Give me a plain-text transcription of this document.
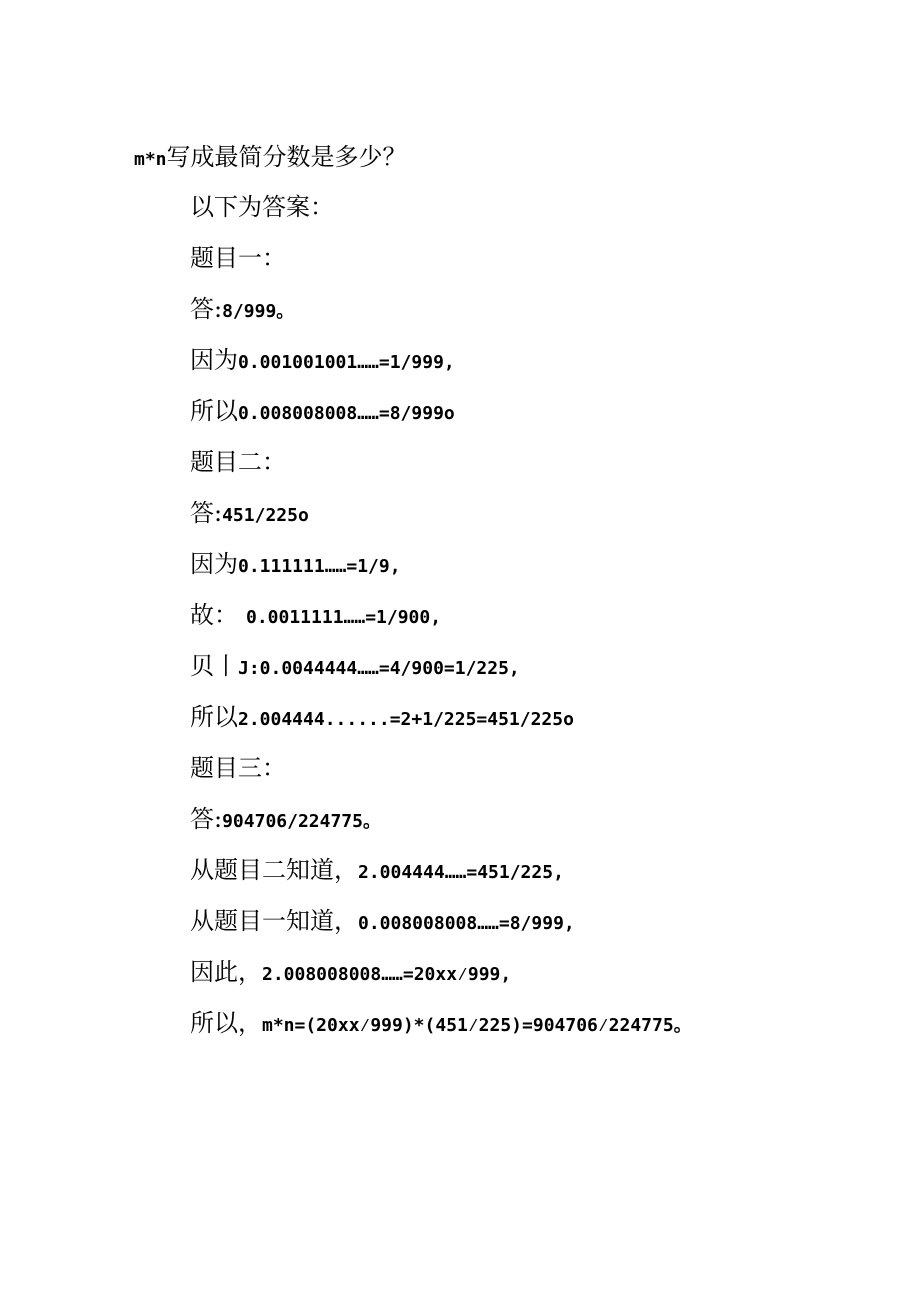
m*n写成最简分数是多少？
以下为答案：
题目一：
答:8/999。
因为0.001001001……=1/999,
所以0.008008008……=8/999o
题目二：
答:451/225o
因为0.111111……=1/9,
故： 0.0011111……=1/900,
贝丨J:0.0044444……=4/900=1/225,
所以2.004444......=2+1/225=451/225o
题目三：
答:904706/224775。
从题目二知道，2.004444……=451/225,
从题目一知道，0.008008008……=8/999,
因此，2.008008008……=20xx⁄999,
所以，m*n=(20xx⁄999)*(451⁄225)=904706⁄224775。
